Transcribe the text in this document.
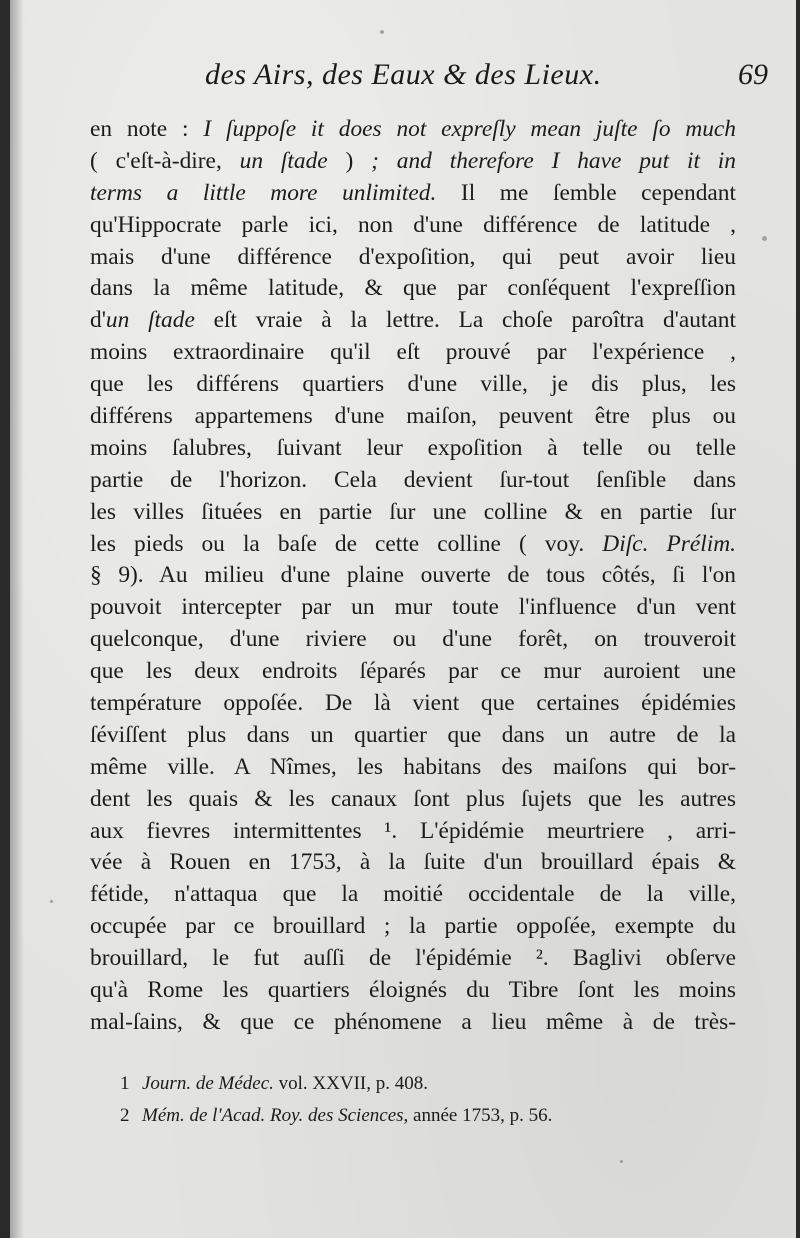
des Airs, des Eaux & des Lieux.	69
en note : I ſuppoſe it does not expreſly mean juſte ſo much
( c'eſt-à-dire, un ſtade ) ; and therefore I have put it in
terms a little more unlimited. Il me ſemble cependant
qu'Hippocrate parle ici, non d'une différence de latitude ,
mais d'une différence d'expoſition, qui peut avoir lieu
dans la même latitude, & que par conſéquent l'expreſſion
d'un ſtade eſt vraie à la lettre. La choſe paroîtra d'autant
moins extraordinaire qu'il eſt prouvé par l'expérience ,
que les différens quartiers d'une ville, je dis plus, les
différens appartemens d'une maiſon, peuvent être plus ou
moins ſalubres, ſuivant leur expoſition à telle ou telle
partie de l'horizon. Cela devient ſur-tout ſenſible dans
les villes ſituées en partie ſur une colline & en partie ſur
les pieds ou la baſe de cette colline ( voy. Diſc. Prélim.
§ 9). Au milieu d'une plaine ouverte de tous côtés, ſi l'on
pouvoit intercepter par un mur toute l'influence d'un vent
quelconque, d'une riviere ou d'une forêt, on trouveroit
que les deux endroits ſéparés par ce mur auroient une
température oppoſée. De là vient que certaines épidémies
ſéviſſent plus dans un quartier que dans un autre de la
même ville. A Nîmes, les habitans des maiſons qui bor-
dent les quais & les canaux ſont plus ſujets que les autres
aux fievres intermittentes ¹. L'épidémie meurtriere , arri-
vée à Rouen en 1753, à la ſuite d'un brouillard épais &
fétide, n'attaqua que la moitié occidentale de la ville,
occupée par ce brouillard ; la partie oppoſée, exempte du
brouillard, le fut auſſi de l'épidémie ². Baglivi obſerve
qu'à Rome les quartiers éloignés du Tibre ſont les moins
mal-ſains, & que ce phénomene a lieu même à de très-
1 Journ. de Médec. vol. XXVII, p. 408.
2 Mém. de l'Acad. Roy. des Sciences, année 1753, p. 56.
